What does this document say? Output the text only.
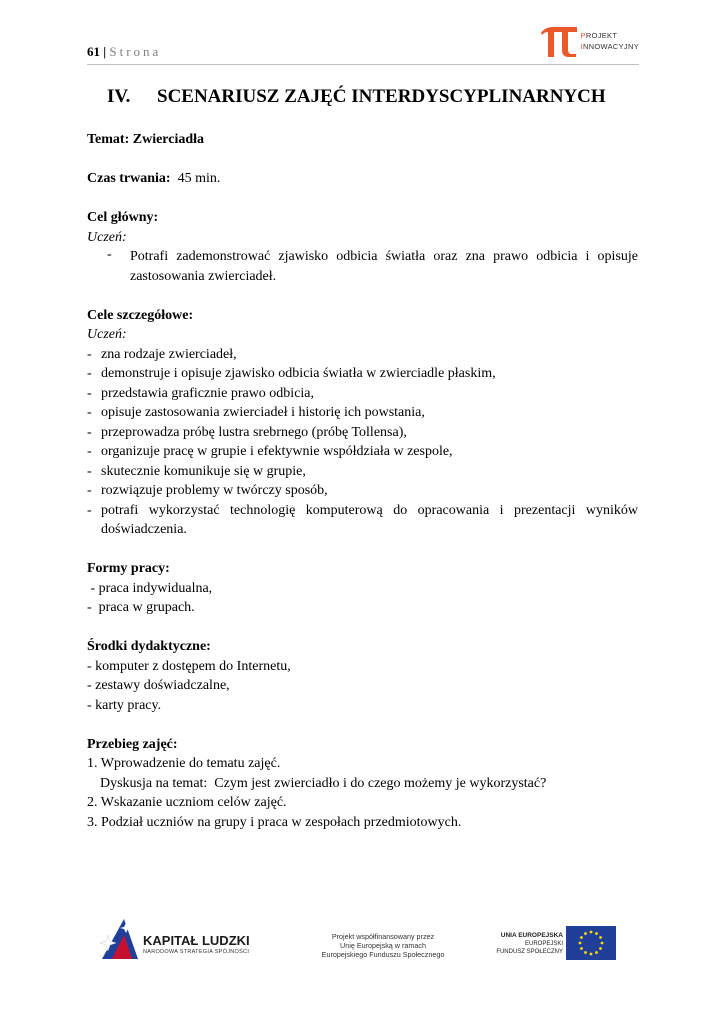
61 | Strona
PROJEKT
INNOWACYJNY
IV.	SCENARIUSZ ZAJĘĆ INTERDYSCYPLINARNYCH
Temat: Zwierciadła
Czas trwania: 45 min.
Cel główny:
Uczeń:
-	Potrafi zademonstrować zjawisko odbicia światła oraz zna prawo odbicia i opisuje
zastosowania zwierciadeł.
Cele szczegółowe:
Uczeń:
- zna rodzaje zwierciadeł,
- demonstruje i opisuje zjawisko odbicia światła w zwierciadle płaskim,
- przedstawia graficznie prawo odbicia,
- opisuje zastosowania zwierciadeł i historię ich powstania,
- przeprowadza próbę lustra srebrnego (próbę Tollensa),
- organizuje pracę w grupie i efektywnie współdziała w zespole,
- skutecznie komunikuje się w grupie,
- rozwiązuje problemy w twórczy sposób,
- potrafi wykorzystać technologię komputerową do opracowania i prezentacji wyników
doświadczenia.
Formy pracy:
- praca indywidualna,
-  praca w grupach.
Środki dydaktyczne:
- komputer z dostępem do Internetu,
- zestawy doświadczalne,
- karty pracy.
Przebieg zajęć:
1. Wprowadzenie do tematu zajęć.
Dyskusja na temat:  Czym jest zwierciadło i do czego możemy je wykorzystać?
2. Wskazanie uczniom celów zajęć.
3. Podział uczniów na grupy i praca w zespołach przedmiotowych.
KAPITAŁ LUDZKI
NARODOWA STRATEGIA SPÓJNOŚCI
Projekt współfinansowany przez
Unię Europejską w ramach
Europejskiego Funduszu Społecznego
UNIA EUROPEJSKA
EUROPEJSKI
FUNDUSZ SPOŁECZNY
